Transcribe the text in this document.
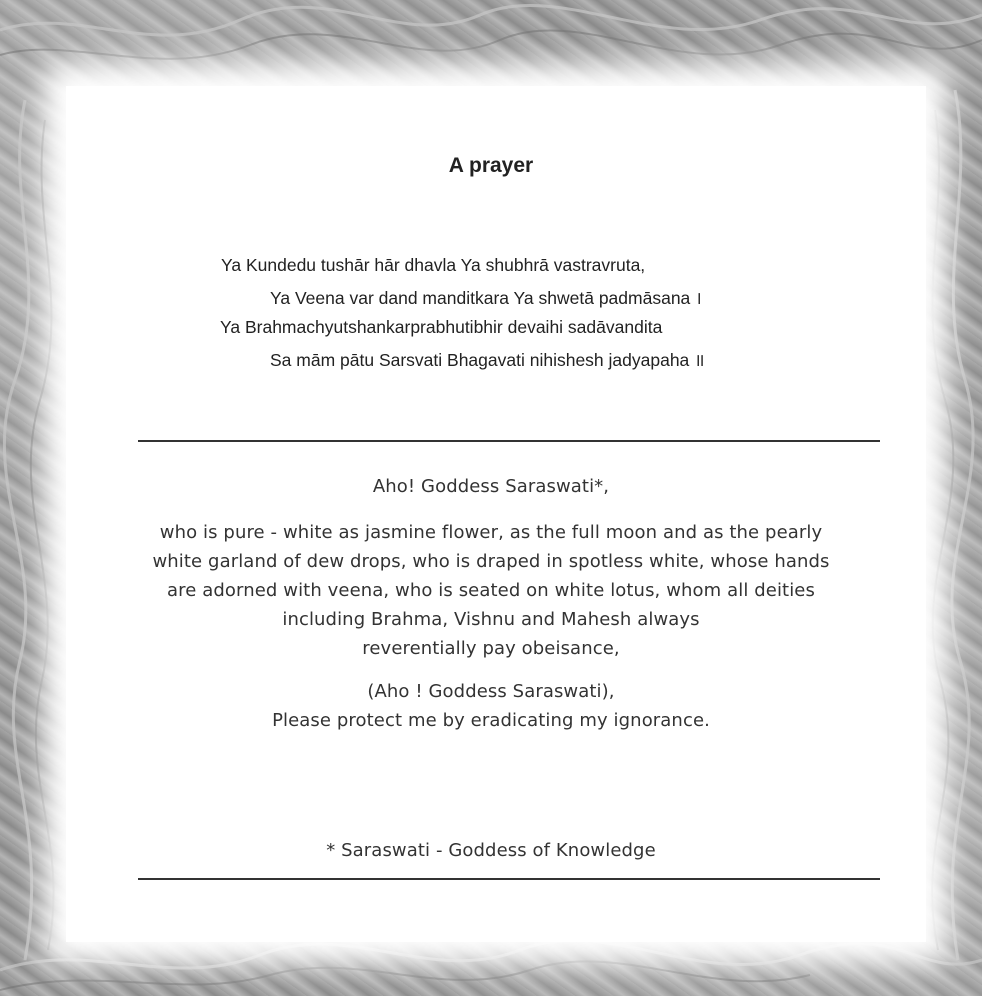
A prayer
Ya Kundedu tushār hār dhavla Ya shubhrā vastravruta,
Ya Veena var dand manditkara Ya shwetā padmāsana ।
Ya Brahmachyutshankarprabhutibhir devaihi sadāvandita
Sa mām pātu Sarsvati Bhagavati nihishesh jadyapaha ॥
Aho! Goddess Saraswati*,
who is pure - white as jasmine flower, as the full moon and as the pearly
white garland of dew drops, who is draped in spotless white, whose hands
are adorned with veena, who is seated on white lotus, whom all deities
including Brahma, Vishnu and Mahesh always
reverentially pay obeisance,
(Aho ! Goddess Saraswati),
Please protect me by eradicating my ignorance.
* Saraswati - Goddess of Knowledge
